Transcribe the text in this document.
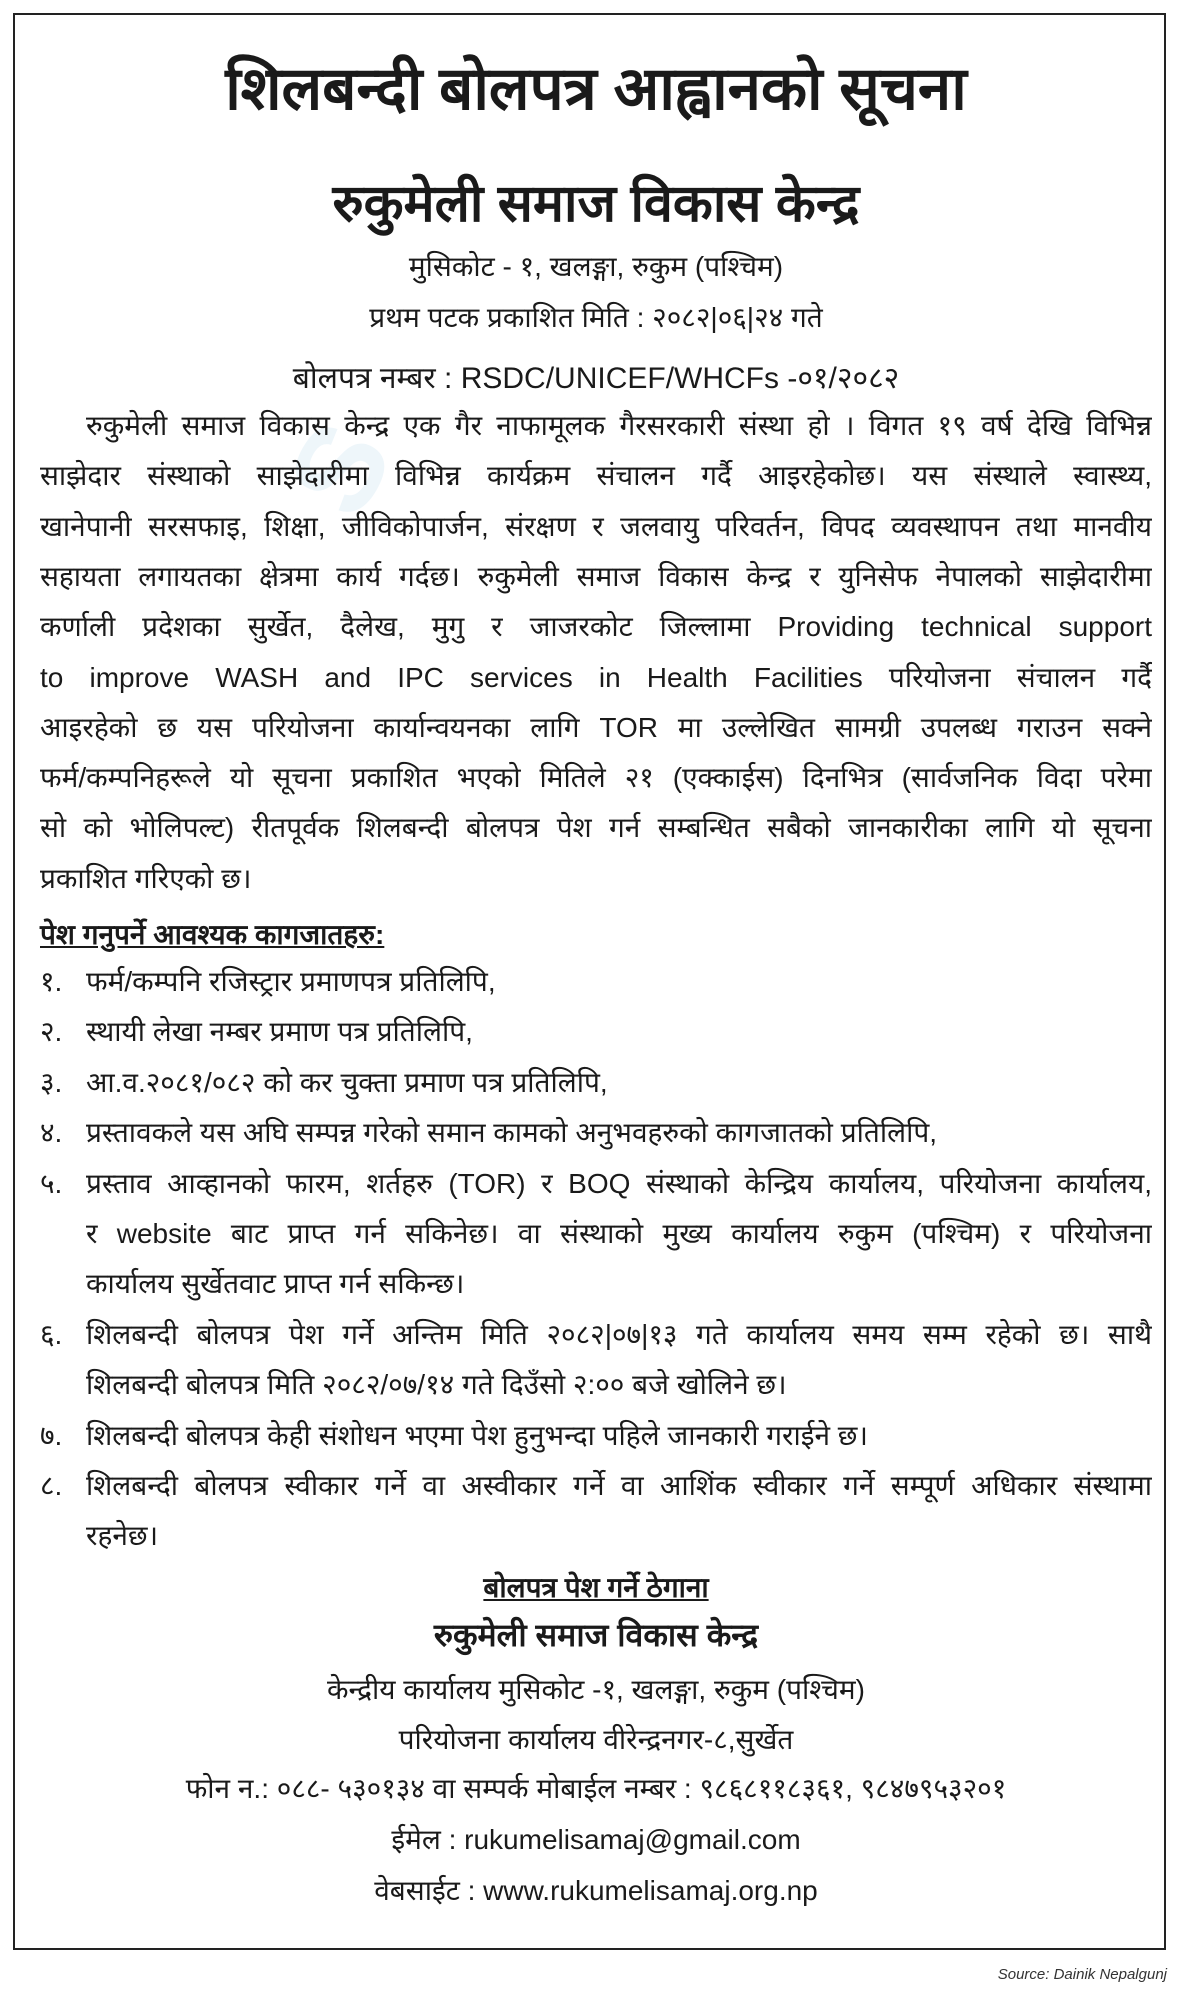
S
शिलबन्दी बोलपत्र आह्वानको सूचना
रुकुमेली समाज विकास केन्द्र
मुसिकोट - १, खलङ्गा, रुकुम (पश्चिम)
प्रथम पटक प्रकाशित मिति : २०८२|०६|२४ गते
बोलपत्र नम्बर : RSDC/UNICEF/WHCFs -०१/२०८२
रुकुमेली समाज विकास केन्द्र एक गैर नाफामूलक गैरसरकारी संस्था हो । विगत १९ वर्ष देखि विभिन्न
साझेदार संस्थाको साझेदारीमा विभिन्न कार्यक्रम संचालन गर्दै आइरहेकोछ। यस संस्थाले स्वास्थ्य,
खानेपानी सरसफाइ, शिक्षा, जीविकोपार्जन, संरक्षण र जलवायु परिवर्तन, विपद व्यवस्थापन तथा मानवीय
सहायता लगायतका क्षेत्रमा कार्य गर्दछ। रुकुमेली समाज विकास केन्द्र र युनिसेफ नेपालको साझेदारीमा
कर्णाली प्रदेशका सुर्खेत, दैलेख, मुगु र जाजरकोट जिल्लामा Providing technical support
to improve WASH and IPC services in Health Facilities परियोजना संचालन गर्दै
आइरहेको छ यस परियोजना कार्यान्वयनका लागि TOR मा उल्लेखित सामग्री उपलब्ध गराउन सक्ने
फर्म/कम्पनिहरूले यो सूचना प्रकाशित भएको मितिले २१ (एक्काईस) दिनभित्र (सार्वजनिक विदा परेमा
सो को भोलिपल्ट) रीतपूर्वक शिलबन्दी बोलपत्र पेश गर्न सम्बन्धित सबैको जानकारीका लागि यो सूचना
प्रकाशित गरिएको छ।
पेश गनुपर्ने आवश्यक कागजातहरु:
१. फर्म/कम्पनि रजिस्ट्रार प्रमाणपत्र प्रतिलिपि,
२. स्थायी लेखा नम्बर प्रमाण पत्र प्रतिलिपि,
३. आ.व.२०८१/०८२ को कर चुक्ता प्रमाण पत्र प्रतिलिपि,
४. प्रस्तावकले यस अघि सम्पन्न गरेको समान कामको अनुभवहरुको कागजातको प्रतिलिपि,
५. प्रस्ताव आव्हानको फारम, शर्तहरु (TOR) र BOQ संस्थाको केन्द्रिय कार्यालय, परियोजना कार्यालय,
र website बाट प्राप्त गर्न सकिनेछ। वा संस्थाको मुख्य कार्यालय रुकुम (पश्चिम) र परियोजना
कार्यालय सुर्खेतवाट प्राप्त गर्न सकिन्छ।
६. शिलबन्दी बोलपत्र पेश गर्ने अन्तिम मिति २०८२|०७|१३ गते कार्यालय समय सम्म रहेको छ। साथै
शिलबन्दी बोलपत्र मिति २०८२/०७/१४ गते दिउँसो २:०० बजे खोलिने छ।
७. शिलबन्दी बोलपत्र केही संशोधन भएमा पेश हुनुभन्दा पहिले जानकारी गराईने छ।
८. शिलबन्दी बोलपत्र स्वीकार गर्ने वा अस्वीकार गर्ने वा आशिंक स्वीकार गर्ने सम्पूर्ण अधिकार संस्थामा
रहनेछ।
बोलपत्र पेश गर्ने ठेगाना
रुकुमेली समाज विकास केन्द्र
केन्द्रीय कार्यालय मुसिकोट -१, खलङ्गा, रुकुम (पश्चिम)
परियोजना कार्यालय वीरेन्द्रनगर-८,सुर्खेत
फोन न.: ०८८- ५३०१३४ वा सम्पर्क मोबाईल नम्बर : ९८६८११८३६१, ९८४७९५३२०१
ईमेल : rukumelisamaj@gmail.com
वेबसाईट : www.rukumelisamaj.org.np
Source: Dainik Nepalgunj
